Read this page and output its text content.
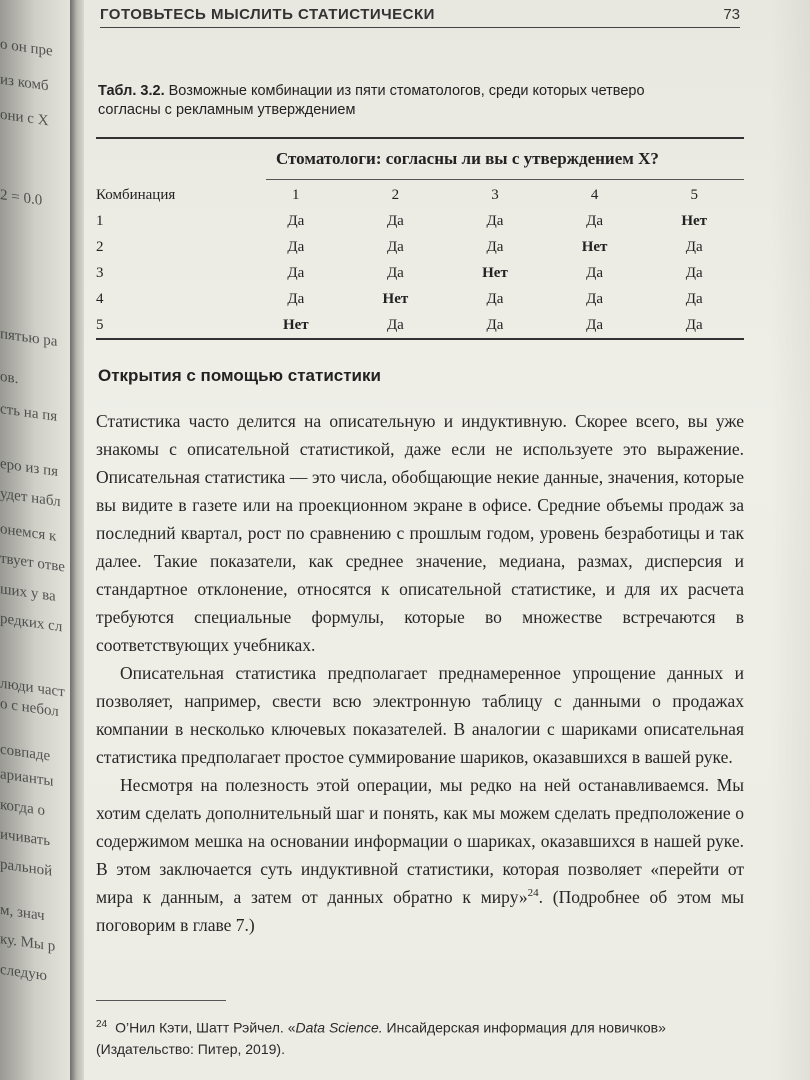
о он пре
из комб
они с Х
2 = 0.0
пятью ра
ов.
сть на пя
еро из пя
удет набл
онемся к
твует отве
ших у ва
редких сл
люди част
о с небол
совпаде
арианты
когда о
ичивать
ральной
м, знач
ку. Мы р
следую
ГОТОВЬТЕСЬ МЫСЛИТЬ СТАТИСТИЧЕСКИ	73
Табл. 3.2. Возможные комбинации из пяти стоматологов, среди которых четверо согласны с рекламным утверждением
Стоматологи: согласны ли вы с утверждением X?
Комбинация	1	2	3	4	5
1	Да	Да	Да	Да	Нет
2	Да	Да	Да	Нет	Да
3	Да	Да	Нет	Да	Да
4	Да	Нет	Да	Да	Да
5	Нет	Да	Да	Да	Да
Открытия с помощью статистики

Статистика часто делится на описательную и индуктивную. Скорее всего, вы уже знакомы с описательной статистикой, даже если не используете это выражение. Описательная статистика — это числа, обобщающие некие данные, значения, которые вы видите в газете или на проекционном экране в офисе. Средние объемы продаж за последний квартал, рост по сравнению с прошлым годом, уровень безработицы и так далее. Такие показатели, как среднее значение, медиана, размах, дисперсия и стандартное отклонение, относятся к описательной статистике, и для их расчета требуются специальные формулы, которые во множестве встречаются в соответствующих учебниках.

Описательная статистика предполагает преднамеренное упрощение данных и позволяет, например, свести всю электронную таблицу с данными о продажах компании в несколько ключевых показателей. В аналогии с шариками описательная статистика предполагает простое суммирование шариков, оказавшихся в вашей руке.

Несмотря на полезность этой операции, мы редко на ней останавливаемся. Мы хотим сделать дополнительный шаг и понять, как мы можем сделать предположение о содержимом мешка на основании информации о шариках, оказавшихся в нашей руке. В этом заключается суть индуктивной статистики, которая позволяет «перейти от мира к данным, а затем от данных обратно к миру»$^{24}$. (Подробнее об этом мы поговорим в главе 7.)

$^{24}$ О’Нил Кэти, Шатт Рэйчел. «Data Science. Инсайдерская информация для новичков» (Издательство: Питер, 2019).
